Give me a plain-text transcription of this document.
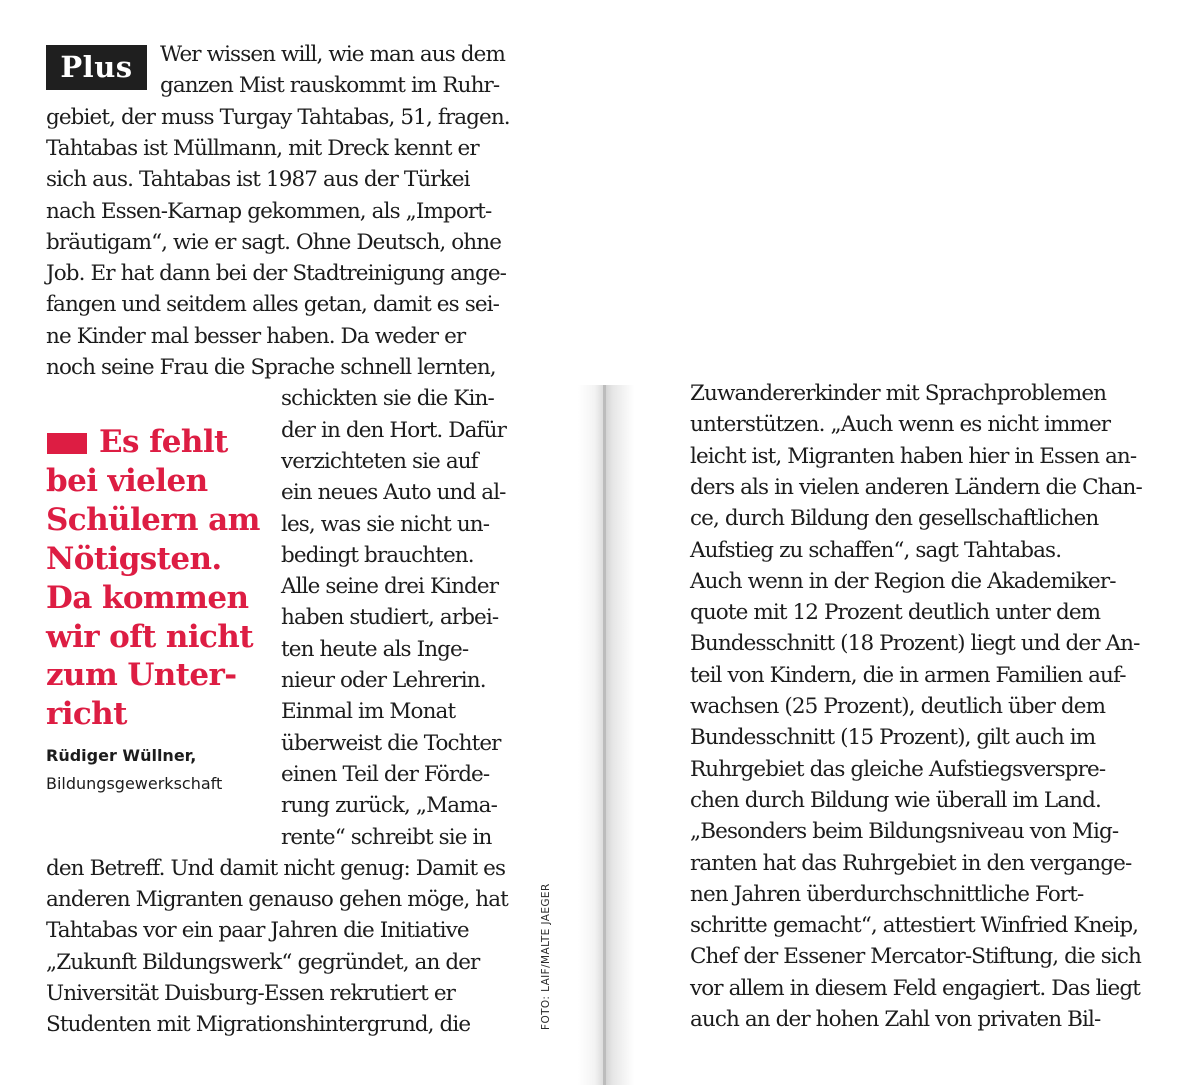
Plus	Wer wissen will, wie man aus dem
ganzen Mist rauskommt im Ruhr-
gebiet, der muss Turgay Tahtabas, 51, fragen.
Tahtabas ist Müllmann, mit Dreck kennt er
sich aus. Tahtabas ist 1987 aus der Türkei
nach Essen-Karnap gekommen, als „Import-
bräutigam“, wie er sagt. Ohne Deutsch, ohne
Job. Er hat dann bei der Stadtreinigung ange-
fangen und seitdem alles getan, damit es sei-
ne Kinder mal besser haben. Da weder er
noch seine Frau die Sprache schnell lernten,
schickten sie die Kin-
der in den Hort. Dafür
verzichteten sie auf
ein neues Auto und al-
les, was sie nicht un-
bedingt brauchten.
Alle seine drei Kinder
haben studiert, arbei-
ten heute als Inge-
nieur oder Lehrerin.
Einmal im Monat
überweist die Tochter
einen Teil der Förde-
rung zurück, „Mama-
rente“ schreibt sie in
den Betreff. Und damit nicht genug: Damit es
anderen Migranten genauso gehen möge, hat
Tahtabas vor ein paar Jahren die Initiative
„Zukunft Bildungswerk“ gegründet, an der
Universität Duisburg-Essen rekrutiert er
Studenten mit Migrationshintergrund, die
Es fehlt
bei vielen
Schülern am
Nötigsten.
Da kommen
wir oft nicht
zum Unter-
richt
Rüdiger Wüllner,
Bildungsgewerkschaft
FOTO: LAIF/MALTE JAEGER
Zuwandererkinder mit Sprachproblemen
unterstützen. „Auch wenn es nicht immer
leicht ist, Migranten haben hier in Essen an-
ders als in vielen anderen Ländern die Chan-
ce, durch Bildung den gesellschaftlichen
Aufstieg zu schaffen“, sagt Tahtabas.
Auch wenn in der Region die Akademiker-
quote mit 12 Prozent deutlich unter dem
Bundesschnitt (18 Prozent) liegt und der An-
teil von Kindern, die in armen Familien auf-
wachsen (25 Prozent), deutlich über dem
Bundesschnitt (15 Prozent), gilt auch im
Ruhrgebiet das gleiche Aufstiegsverspre-
chen durch Bildung wie überall im Land.
„Besonders beim Bildungsniveau von Mig-
ranten hat das Ruhrgebiet in den vergange-
nen Jahren überdurchschnittliche Fort-
schritte gemacht“, attestiert Winfried Kneip,
Chef der Essener Mercator-Stiftung, die sich
vor allem in diesem Feld engagiert. Das liegt
auch an der hohen Zahl von privaten Bil-
